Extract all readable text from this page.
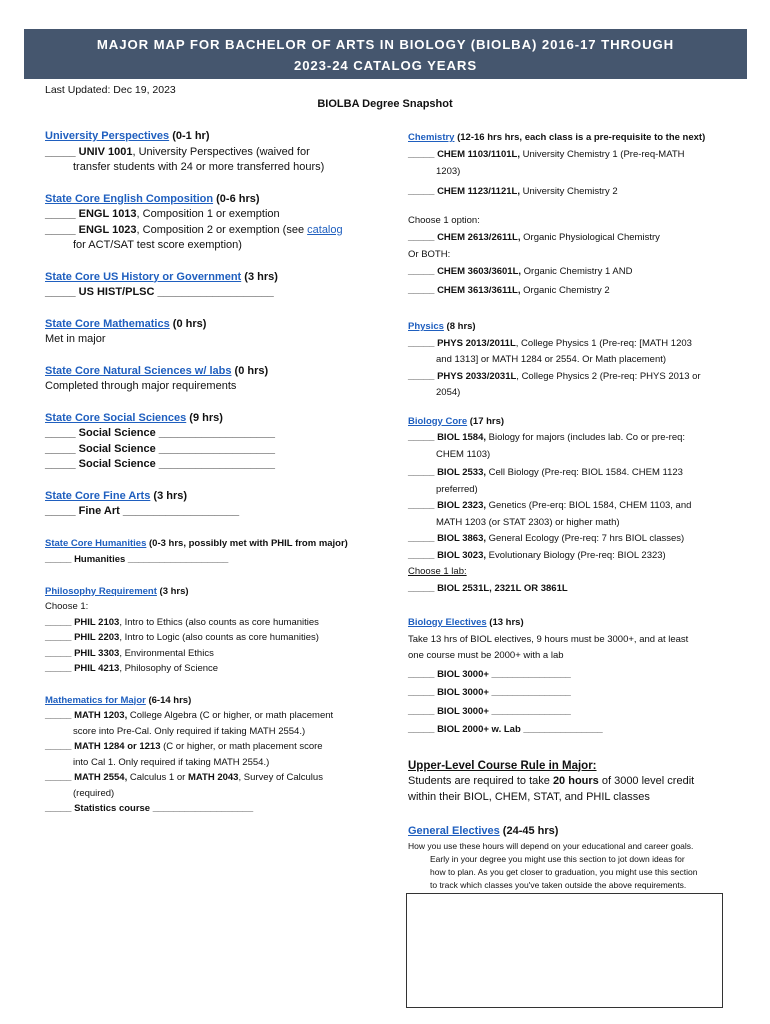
MAJOR MAP FOR BACHELOR OF ARTS IN BIOLOGY (BIOLBA) 2016-17 THROUGH
2023-24 CATALOG YEARS
Last Updated: Dec 19, 2023
BIOLBA Degree Snapshot
University Perspectives (0-1 hr)
_____ UNIV 1001, University Perspectives (waived for
transfer students with 24 or more transferred hours)
State Core English Composition (0-6 hrs)
_____ ENGL 1013, Composition 1 or exemption
_____ ENGL 1023, Composition 2 or exemption (see catalog
for ACT/SAT test score exemption)
State Core US History or Government (3 hrs)
_____ US HIST/PLSC ___________________
State Core Mathematics (0 hrs)
Met in major
State Core Natural Sciences w/ labs (0 hrs)
Completed through major requirements
State Core Social Sciences (9 hrs)
_____ Social Science ___________________
_____ Social Science ___________________
_____ Social Science ___________________
State Core Fine Arts (3 hrs)
_____ Fine Art ___________________
State Core Humanities (0-3 hrs, possibly met with PHIL from major)
_____ Humanities ___________________
Philosophy Requirement (3 hrs)
Choose 1:
_____ PHIL 2103, Intro to Ethics (also counts as core humanities
_____ PHIL 2203, Intro to Logic (also counts as core humanities)
_____ PHIL 3303, Environmental Ethics
_____ PHIL 4213, Philosophy of Science
Mathematics for Major (6-14 hrs)
_____ MATH 1203, College Algebra (C or higher, or math placement
score into Pre-Cal. Only required if taking MATH 2554.)
_____ MATH 1284 or 1213 (C or higher, or math placement score
into Cal 1. Only required if taking MATH 2554.)
_____ MATH 2554, Calculus 1 or MATH 2043, Survey of Calculus
(required)
_____ Statistics course ___________________
Chemistry (12-16 hrs hrs, each class is a pre-requisite to the next)
_____ CHEM 1103/1101L, University Chemistry 1 (Pre-req-MATH
1203)
_____ CHEM 1123/1121L, University Chemistry 2
Choose 1 option:
_____ CHEM 2613/2611L, Organic Physiological Chemistry
Or BOTH:
_____ CHEM 3603/3601L, Organic Chemistry 1 AND
_____ CHEM 3613/3611L, Organic Chemistry 2
Physics (8 hrs)
_____ PHYS 2013/2011L, College Physics 1 (Pre-req: [MATH 1203
and 1313] or MATH 1284 or 2554. Or Math placement)
_____ PHYS 2033/2031L, College Physics 2 (Pre-req: PHYS 2013 or
2054)
Biology Core (17 hrs)
_____ BIOL 1584, Biology for majors (includes lab. Co or pre-req:
CHEM 1103)
_____ BIOL 2533, Cell Biology (Pre-req: BIOL 1584. CHEM 1123
preferred)
_____ BIOL 2323, Genetics (Pre-erq: BIOL 1584, CHEM 1103, and
MATH 1203 (or STAT 2303) or higher math)
_____ BIOL 3863, General Ecology (Pre-req: 7 hrs BIOL classes)
_____ BIOL 3023, Evolutionary Biology (Pre-req: BIOL 2323)
Choose 1 lab:
_____ BIOL 2531L, 2321L OR 3861L
Biology Electives (13 hrs)
Take 13 hrs of BIOL electives, 9 hours must be 3000+, and at least
one course must be 2000+ with a lab
_____ BIOL 3000+ _______________
_____ BIOL 3000+ _______________
_____ BIOL 3000+ _______________
_____ BIOL 2000+ w. Lab _______________
Upper-Level Course Rule in Major:
Students are required to take 20 hours of 3000 level credit
within their BIOL, CHEM, STAT, and PHIL classes
General Electives (24-45 hrs)
How you use these hours will depend on your educational and career goals.
Early in your degree you might use this section to jot down ideas for
how to plan. As you get closer to graduation, you might use this section
to track which classes you've taken outside the above requirements.
